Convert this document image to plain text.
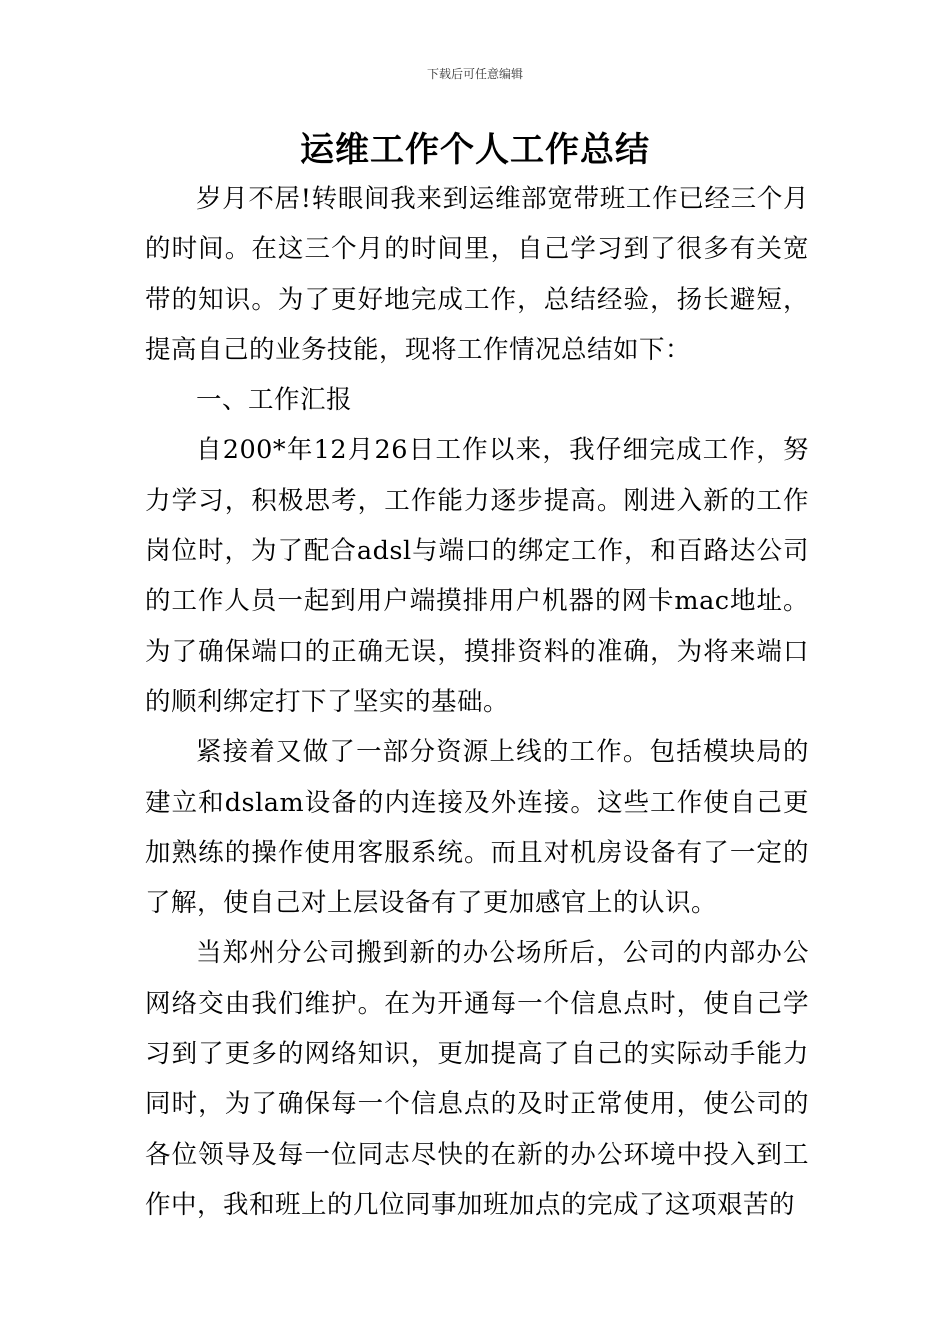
下载后可任意编辑
运维工作个人工作总结

岁月不居!转眼间我来到运维部宽带班工作已经三个月的时间。在这三个月的时间里，自己学习到了很多有关宽带的知识。为了更好地完成工作，总结经验，扬长避短，提高自己的业务技能，现将工作情况总结如下：

一、工作汇报

自200*年12月26日工作以来，我仔细完成工作，努力学习，积极思考，工作能力逐步提高。刚进入新的工作岗位时，为了配合adsl与端口的绑定工作，和百路达公司的工作人员一起到用户端摸排用户机器的网卡mac地址。为了确保端口的正确无误，摸排资料的准确，为将来端口的顺利绑定打下了坚实的基础。

紧接着又做了一部分资源上线的工作。包括模块局的建立和dslam设备的内连接及外连接。这些工作使自己更加熟练的操作使用客服系统。而且对机房设备有了一定的了解，使自己对上层设备有了更加感官上的认识。

当郑州分公司搬到新的办公场所后，公司的内部办公网络交由我们维护。在为开通每一个信息点时，使自己学习到了更多的网络知识，更加提高了自己的实际动手能力同时，为了确保每一个信息点的及时正常使用，使公司的各位领导及每一位同志尽快的在新的办公环境中投入到工作中，我和班上的几位同事加班加点的完成了这项艰苦的
